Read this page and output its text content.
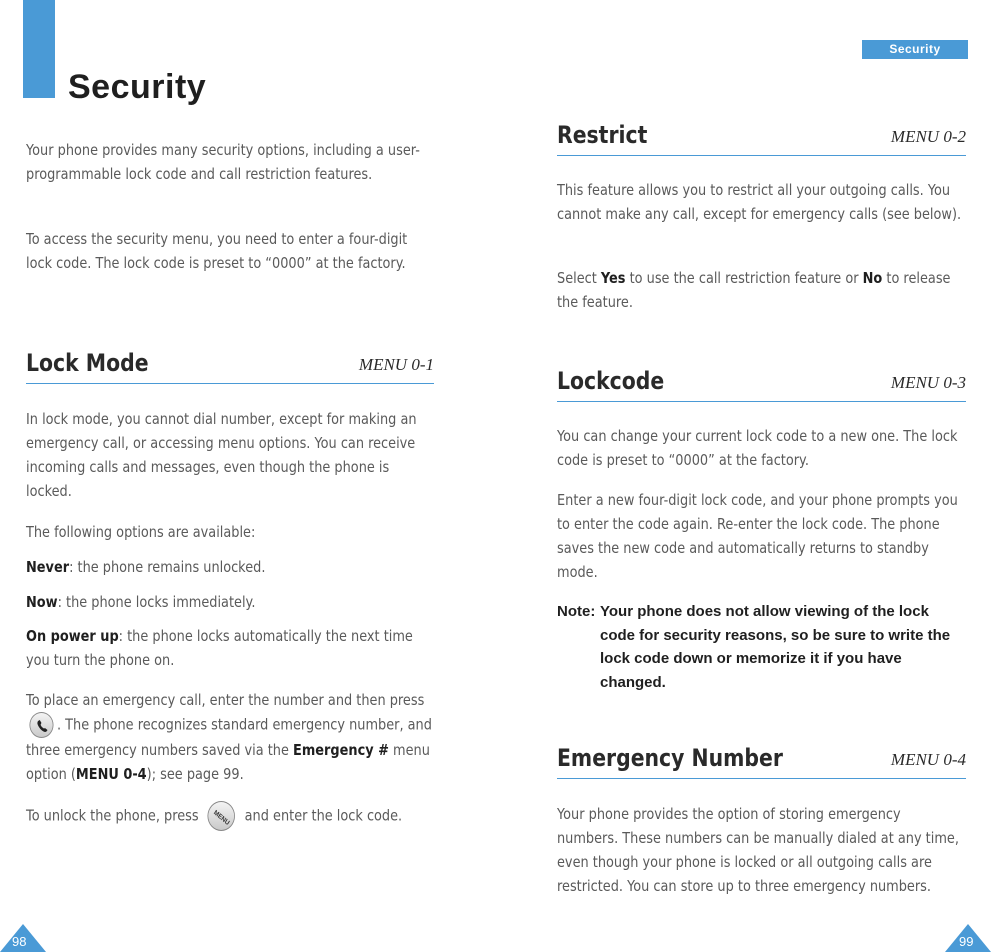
Security
Security

Your phone provides many security options, including a user-programmable lock code and call restriction features.

To access the security menu, you need to enter a four-digit lock code. The lock code is preset to “0000” at the factory.

Lock Mode	MENU 0-1

In lock mode, you cannot dial number, except for making an emergency call, or accessing menu options. You can receive incoming calls and messages, even though the phone is locked.

The following options are available:

Never: the phone remains unlocked.

Now: the phone locks immediately.

On power up: the phone locks automatically the next time you turn the phone on.

To place an emergency call, enter the number and then press
. The phone recognizes standard emergency number, and three emergency numbers saved via the Emergency # menu option (MENU 0-4); see page 99.

To unlock the phone, press MENU and enter the lock code.

Restrict	MENU 0-2

This feature allows you to restrict all your outgoing calls. You cannot make any call, except for emergency calls (see below).

Select Yes to use the call restriction feature or No to release the feature.

Lockcode	MENU 0-3

You can change your current lock code to a new one. The lock code is preset to “0000” at the factory.

Enter a new four-digit lock code, and your phone prompts you to enter the code again. Re-enter the lock code. The phone saves the new code and automatically returns to standby mode.

Note: Your phone does not allow viewing of the lock code for security reasons, so be sure to write the lock code down or memorize it if you have changed.
Emergency Number	MENU 0-4

Your phone provides the option of storing emergency numbers. These numbers can be manually dialed at any time, even though your phone is locked or all outgoing calls are restricted. You can store up to three emergency numbers.

98	99
